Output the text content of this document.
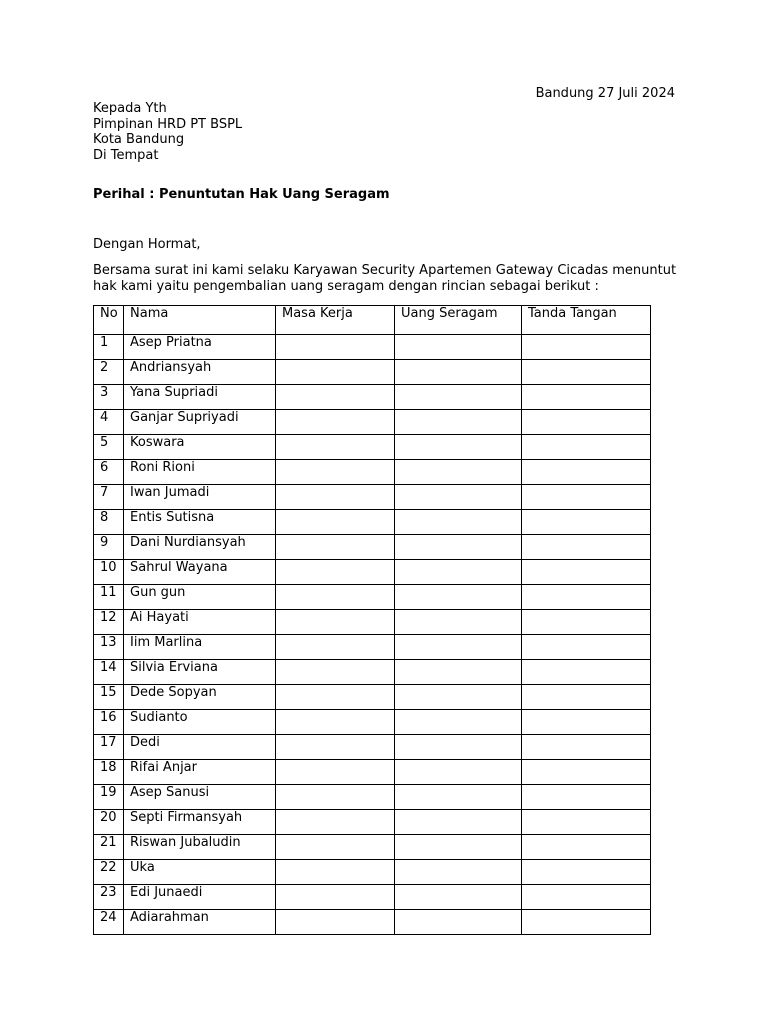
Bandung 27 Juli 2024
Kepada Yth
Pimpinan HRD PT BSPL
Kota Bandung
Di Tempat
Perihal : Penuntutan Hak Uang Seragam
Dengan Hormat,
Bersama surat ini kami selaku Karyawan Security Apartemen Gateway Cicadas menuntut hak kami yaitu pengembalian uang seragam dengan rincian sebagai berikut :
No	Nama	Masa Kerja	Uang Seragam	Tanda Tangan
1	Asep Priatna			
2	Andriansyah			
3	Yana Supriadi			
4	Ganjar Supriyadi			
5	Koswara			
6	Roni Rioni			
7	Iwan Jumadi			
8	Entis Sutisna			
9	Dani Nurdiansyah			
10	Sahrul Wayana			
11	Gun gun			
12	Ai Hayati			
13	Iim Marlina			
14	Silvia Erviana			
15	Dede Sopyan			
16	Sudianto			
17	Dedi			
18	Rifai Anjar			
19	Asep Sanusi			
20	Septi Firmansyah			
21	Riswan Jubaludin			
22	Uka			
23	Edi Junaedi			
24	Adiarahman			
